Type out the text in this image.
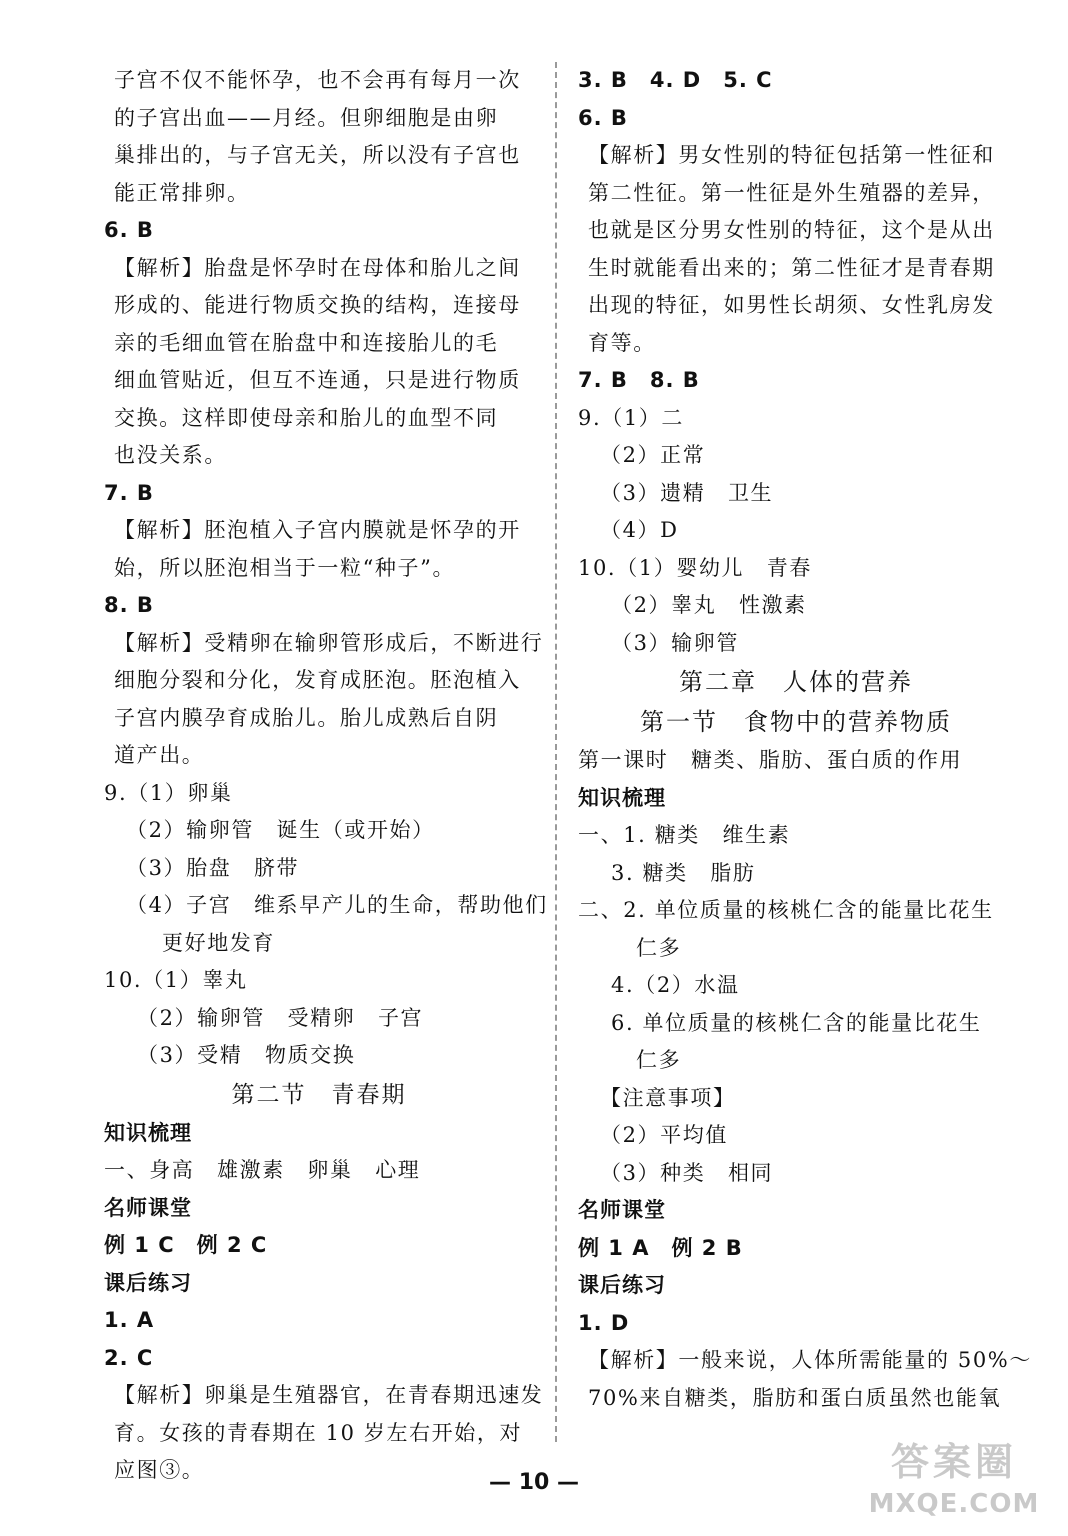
子宫不仅不能怀孕，也不会再有每月一次
的子宫出血——月经。但卵细胞是由卵
巢排出的，与子宫无关，所以没有子宫也
能正常排卵。
6. B
【解析】胎盘是怀孕时在母体和胎儿之间
形成的、能进行物质交换的结构，连接母
亲的毛细血管在胎盘中和连接胎儿的毛
细血管贴近，但互不连通，只是进行物质
交换。这样即使母亲和胎儿的血型不同
也没关系。
7. B
【解析】胚泡植入子宫内膜就是怀孕的开
始，所以胚泡相当于一粒“种子”。
8. B
【解析】受精卵在输卵管形成后，不断进行
细胞分裂和分化，发育成胚泡。胚泡植入
子宫内膜孕育成胎儿。胎儿成熟后自阴
道产出。
9.（1）卵巢
（2）输卵管　诞生（或开始）
（3）胎盘　脐带
（4）子宫　维系早产儿的生命，帮助他们
更好地发育
10.（1）睾丸
（2）输卵管　受精卵　子宫
（3）受精　物质交换
第二节　青春期
知识梳理
一、身高　雄激素　卵巢　心理
名师课堂
例 1 C　例 2 C
课后练习
1. A
2. C
【解析】卵巢是生殖器官，在青春期迅速发
育。女孩的青春期在 10 岁左右开始，对
应图③。
3. B　4. D　5. C
6. B
【解析】男女性别的特征包括第一性征和
第二性征。第一性征是外生殖器的差异，
也就是区分男女性别的特征，这个是从出
生时就能看出来的；第二性征才是青春期
出现的特征，如男性长胡须、女性乳房发
育等。
7. B　8. B
9.（1）二
（2）正常
（3）遗精　卫生
（4）D
10.（1）婴幼儿　青春
（2）睾丸　性激素
（3）输卵管
第二章　人体的营养
第一节　食物中的营养物质
第一课时　糖类、脂肪、蛋白质的作用
知识梳理
一、1. 糖类　维生素
3. 糖类　脂肪
二、2. 单位质量的核桃仁含的能量比花生
仁多
4.（2）水温
6. 单位质量的核桃仁含的能量比花生
仁多
【注意事项】
（2）平均值
（3）种类　相同
名师课堂
例 1 A　例 2 B
课后练习
1. D
【解析】一般来说，人体所需能量的 50%～
70%来自糖类，脂肪和蛋白质虽然也能氧
— 10 —	答案圈
MXQE.COM
